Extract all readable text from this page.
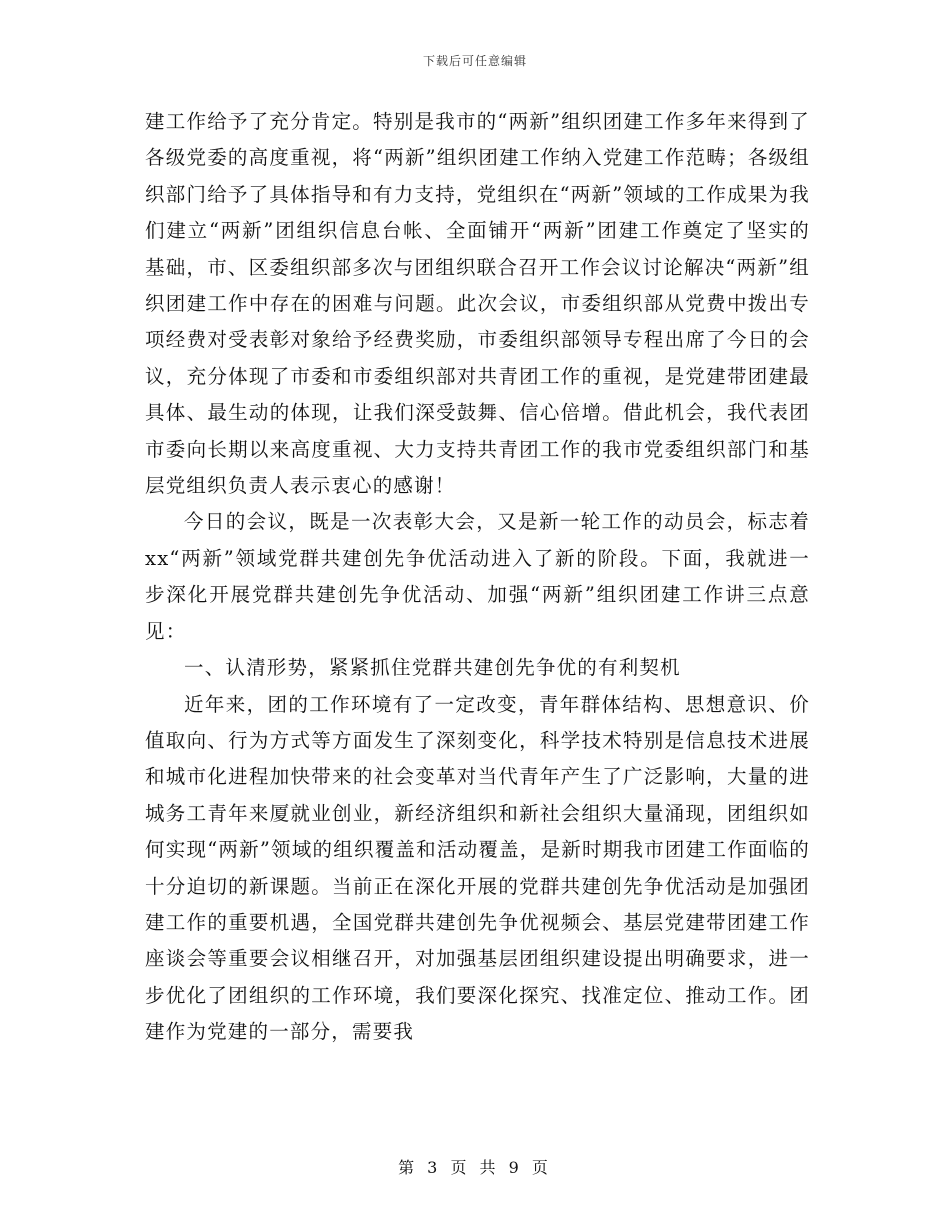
下载后可任意编辑

建工作给予了充分肯定。特别是我市的“两新”组织团建工作多年来得到了各级党委的高度重视，将“两新”组织团建工作纳入党建工作范畴；各级组织部门给予了具体指导和有力支持，党组织在“两新”领域的工作成果为我们建立“两新”团组织信息台帐、全面铺开“两新”团建工作奠定了坚实的基础，市、区委组织部多次与团组织联合召开工作会议讨论解决“两新”组织团建工作中存在的困难与问题。此次会议，市委组织部从党费中拨出专项经费对受表彰对象给予经费奖励，市委组织部领导专程出席了今日的会议，充分体现了市委和市委组织部对共青团工作的重视，是党建带团建最具体、最生动的体现，让我们深受鼓舞、信心倍增。借此机会，我代表团市委向长期以来高度重视、大力支持共青团工作的我市党委组织部门和基层党组织负责人表示衷心的感谢！

今日的会议，既是一次表彰大会，又是新一轮工作的动员会，标志着xx“两新”领域党群共建创先争优活动进入了新的阶段。下面，我就进一步深化开展党群共建创先争优活动、加强“两新”组织团建工作讲三点意见：

一、认清形势，紧紧抓住党群共建创先争优的有利契机

近年来，团的工作环境有了一定改变，青年群体结构、思想意识、价值取向、行为方式等方面发生了深刻变化，科学技术特别是信息技术进展和城市化进程加快带来的社会变革对当代青年产生了广泛影响，大量的进城务工青年来厦就业创业，新经济组织和新社会组织大量涌现，团组织如何实现“两新”领域的组织覆盖和活动覆盖，是新时期我市团建工作面临的十分迫切的新课题。当前正在深化开展的党群共建创先争优活动是加强团建工作的重要机遇，全国党群共建创先争优视频会、基层党建带团建工作座谈会等重要会议相继召开，对加强基层团组织建设提出明确要求，进一步优化了团组织的工作环境，我们要深化探究、找准定位、推动工作。团建作为党建的一部分，需要我

第 3 页 共 9 页
